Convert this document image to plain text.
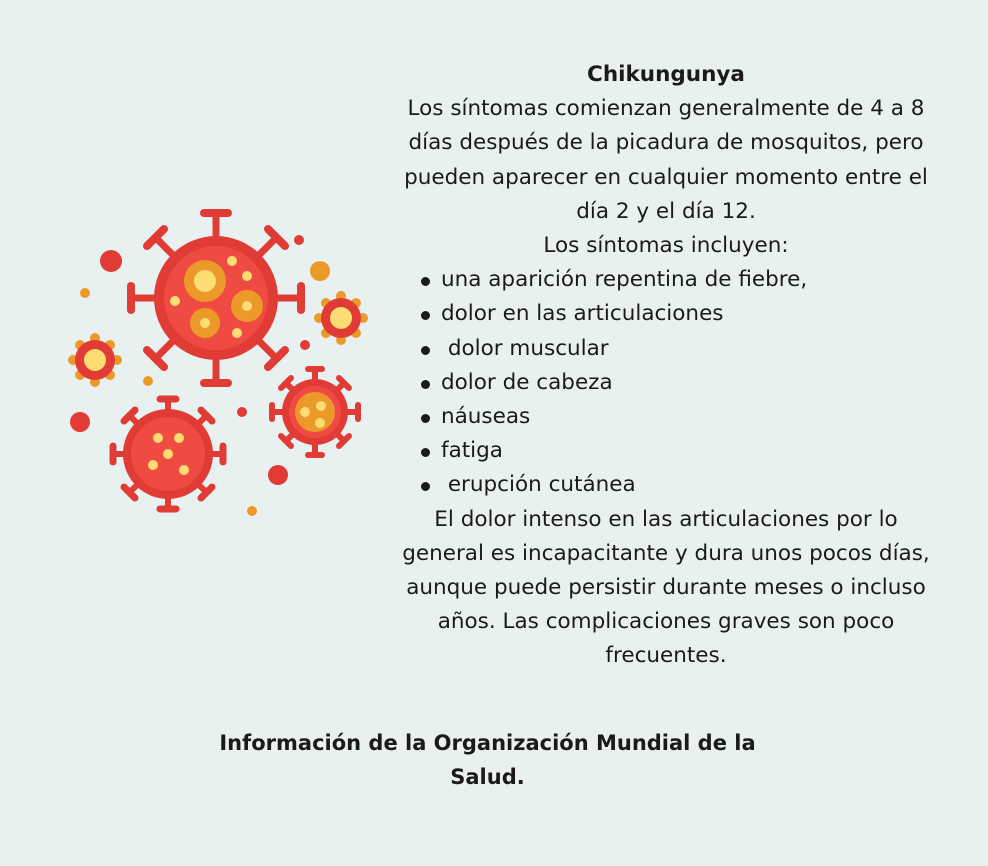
Chikungunya
Los síntomas comienzan generalmente de 4 a 8 días después de la picadura de mosquitos, pero pueden aparecer en cualquier momento entre el día 2 y el día 12.
Los síntomas incluyen:
una aparición repentina de fiebre,
dolor en las articulaciones
dolor muscular
dolor de cabeza
náuseas
fatiga
erupción cutánea
El dolor intenso en las articulaciones por lo general es incapacitante y dura unos pocos días, aunque puede persistir durante meses o incluso años. Las complicaciones graves son poco frecuentes.
Información de la Organización Mundial de la Salud.
